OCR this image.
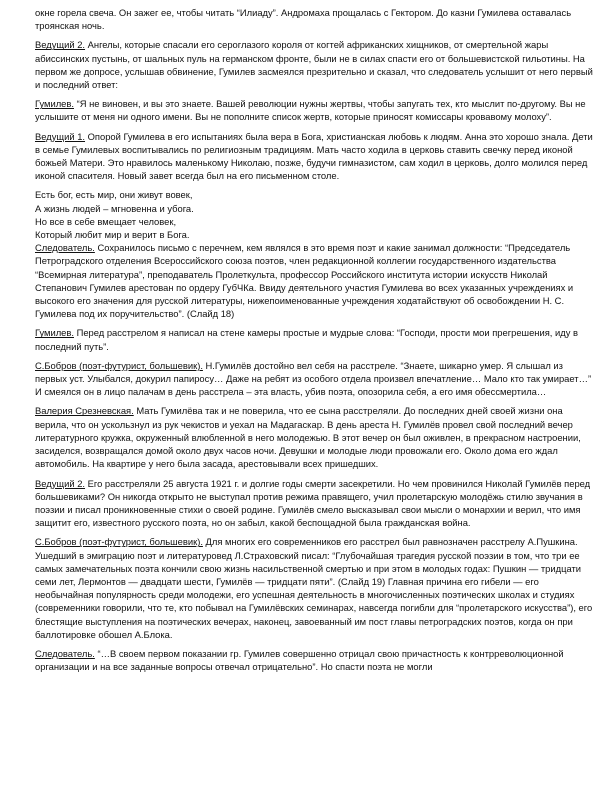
окне горела свеча. Он зажег ее, чтобы читать “Илиаду”. Андромаха прощалась с Гектором. До казни Гумилева оставалась троянская ночь.

Ведущий 2. Ангелы, которые спасали его сероглазого короля от когтей африканских хищников, от смертельной жары абиссинских пустынь, от шальных пуль на германском фронте, были не в силах спасти его от большевистской гильотины. На первом же допросе, услышав обвинение, Гумилев засмеялся презрительно и сказал, что следователь услышит от него первый и последний ответ:

Гумилев. “Я не виновен, и вы это знаете. Вашей революции нужны жертвы, чтобы запугать тех, кто мыслит по-другому. Вы не услышите от меня ни одного имени. Вы не пополните список жертв, которые приносят комиссары кровавому молоху”.

Ведущий 1. Опорой Гумилева в его испытаниях была вера в Бога, христианская любовь к людям. Анна это хорошо знала. Дети в семье Гумилевых воспитывались по религиозным традициям. Мать часто ходила в церковь ставить свечку перед иконой божьей Матери. Это нравилось маленькому Николаю, позже, будучи гимназистом, сам ходил в церковь, долго молился перед иконой спасителя. Новый завет всегда был на его письменном столе.

Есть бог, есть мир, они живут вовек,
А жизнь людей – мгновенна и убога.
Но все в себе вмещает человек,
Который любит мир и верит в Бога.

Следователь. Сохранилось письмо с перечнем, кем являлся в это время поэт и какие занимал должности: “Председатель Петроградского отделения Всероссийского союза поэтов, член редакционной коллегии государственного издательства “Всемирная литература”, преподаватель Пролеткульта, профессор Российского института истории искусств Николай Степанович Гумилев арестован по ордеру ГубЧКа. Ввиду деятельного участия Гумилева во всех указанных учреждениях и высокого его значения для русской литературы, нижепоименованные учреждения ходатайствуют об освобождении Н. С. Гумилева под их поручительство”. (Слайд 18)

Гумилев. Перед расстрелом я написал на стене камеры простые и мудрые слова: “Господи, прости мои прегрешения, иду в последний путь”.

С.Бобров (поэт-футурист, большевик). Н.Гумилёв достойно вел себя на расстреле. “Знаете, шикарно умер. Я слышал из первых уст. Улыбался, докурил папиросу… Даже на ребят из особого отдела произвел впечатление… Мало кто так умирает…” И смеялся он в лицо палачам в день расстрела – эта власть, убив поэта, опозорила себя, а его имя обессмертила…

Валерия Срезневская. Мать Гумилёва так и не поверила, что ее сына расстреляли. До последних дней своей жизни она верила, что он ускользнул из рук чекистов и уехал на Мадагаскар. В день ареста Н. Гумилёв провел свой последний вечер литературного кружка, окруженный влюбленной в него молодежью. В этот вечер он был оживлен, в прекрасном настроении, засиделся, возвращался домой около двух часов ночи. Девушки и молодые люди провожали его. Около дома его ждал автомобиль. На квартире у него была засада, арестовывали всех пришедших.

Ведущий 2. Его расстреляли 25 августа 1921 г. и долгие годы смерти засекретили. Но чем провинился Николай Гумилёв перед большевиками? Он никогда открыто не выступал против режима правящего, учил пролетарскую молодёжь стилю звучания в поэзии и писал проникновенные стихи о своей родине. Гумилёв смело высказывал свои мысли о монархии и верил, что имя защитит его, известного русского поэта, но он забыл, какой беспощадной была гражданская война.

С.Бобров (поэт-футурист, большевик). Для многих его современников его расстрел был равнозначен расстрелу А.Пушкина. Ушедший в эмиграцию поэт и литературовед Л.Страховский писал: “Глубочайшая трагедия русской поэзии в том, что три ее самых замечательных поэта кончили свою жизнь насильственной смертью и при этом в молодых годах: Пушкин — тридцати семи лет, Лермонтов — двадцати шести, Гумилёв — тридцати пяти”. (Слайд 19) Главная причина его гибели — его необычайная популярность среди молодежи, его успешная деятельность в многочисленных поэтических школах и студиях (современники говорили, что те, кто побывал на Гумилёвских семинарах, навсегда погибли для “пролетарского искусства”), его блестящие выступления на поэтических вечерах, наконец, завоеванный им пост главы петроградских поэтов, когда он при баллотировке обошел А.Блока.

Следователь. “…В своем первом показании гр. Гумилев совершенно отрицал свою причастность к контрреволюционной организации и на все заданные вопросы отвечал отрицательно”. Но спасти поэта не могли
